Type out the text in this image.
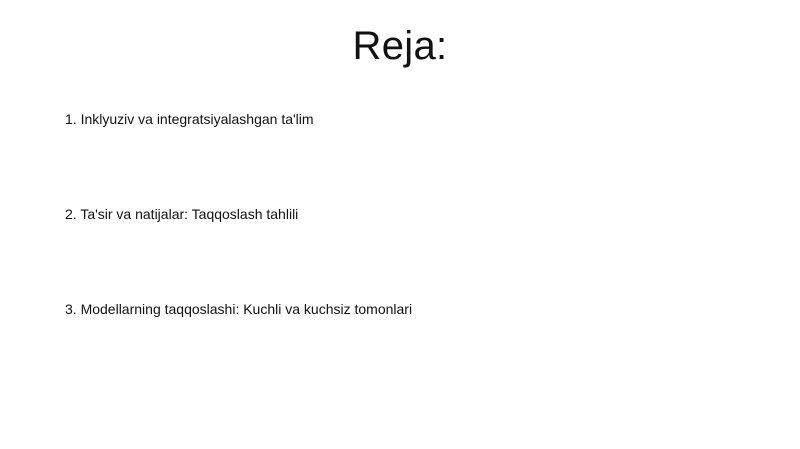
Reja:
1. Inklyuziv va integratsiyalashgan ta'lim
2. Ta'sir va natijalar: Taqqoslash tahlili
3. Modellarning taqqoslashi: Kuchli va kuchsiz tomonlari
